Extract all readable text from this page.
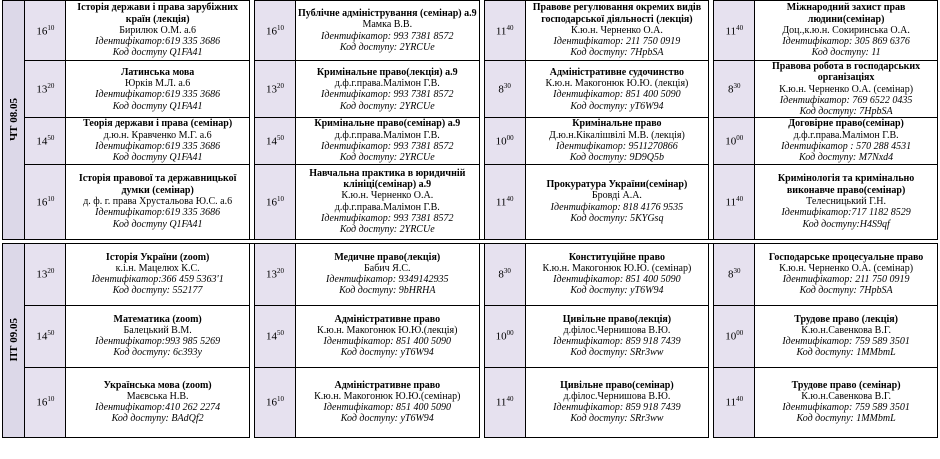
ЧТ 08.05	$16^{10}$	Історія держави і права зарубіжних країн (лекція)
Бирилюк О.М. а.6
Ідентифікатор:619 335 3686
Код доступу Q1FA41		$16^{10}$	Публічне адміністрування (семінар) а.9
Мамка В.В.
Ідентифікатор: 993 7381 8572
Код доступу: 2YRCUe		$11^{40}$	Правове регулювання окремих видів господарської діяльності (лекція)
К.ю.н. Черненко О.А.
Ідентифікатор: 211 750 0919
Код доступу: 7HpbSA		$11^{40}$	Міжнародний захист прав людини(семінар)
Доц.,к.ю.н. Сокиринська О.А.
Ідентифікатор: 305 869 6376
Код доступу: 11

	$13^{20}$	Латинська мова
Юрків М.Л. а.6
Ідентифікатор:619 335 3686
Код доступу Q1FA41		$13^{20}$	Кримінальне право(лекція) а.9
д.ф.г.права.Малімон Г.В.
Ідентифікатор: 993 7381 8572
Код доступу: 2YRCUe		$8^{30}$	Адміністративне судочинство
К.ю.н. Макогонюк Ю.Ю. (лекція)
Ідентифікатор: 851 400 5090
Код доступу: yT6W94		$8^{30}$	Правова робота в господарських організаціях
К.ю.н. Черненко О.А. (семінар)
Ідентифікатор: 769 6522 0435
Код доступу: 7HpbSA

	$14^{50}$	Теорія держави і права (семінар)
д.ю.н. Кравченко М.Г. а.6
Ідентифікатор:619 335 3686
Код доступу Q1FA41		$14^{50}$	Кримінальне право(семінар) а.9
д.ф.г.права.Малімон Г.В.
Ідентифікатор: 993 7381 8572
Код доступу: 2YRCUe		$10^{00}$	Кримінальне право
Д.ю.н.Кікалішвілі М.В. (лекція)
Ідентифікатор: 9511270866
Код доступу: 9D9Q5b		$10^{00}$	Договірне право(семінар)
д.ф.г.права.Малімон Г.В.
Ідентифікатор : 570 288 4531
Код доступу: M7Nxd4

	$16^{10}$	Історія правової та державницької думки (семінар)
д. ф. г. права Хрустальова Ю.С. а.6
Ідентифікатор:619 335 3686
Код доступу Q1FA41		$16^{10}$	Навчальна практика в юридичній клініці(семінар) а.9
К.ю.н. Черненко О.А. д.ф.г.права.Малімон Г.В.
Ідентифікатор: 993 7381 8572
Код доступу: 2YRCUe		$11^{40}$	Прокуратура України(семінар)
Бровді А.А.
Ідентифікатор: 818 4176 9535
Код доступу: 5KYGsq		$11^{40}$	Кримінологія та кримінально виконавче право(семінар)
Телесницький Г.Н.
Ідентифікатор:717 1182 8529
Код доступу:H4S9qf

ПТ 09.05	$13^{20}$	Історія України (zoom)
к.і.н. Мацелюх К.С.
Ідентифікатор:366 459 5363'1
Код доступу: 552177		$13^{20}$	Медичне право(лекція)
Бабич Я.С.
Ідентифікатор: 9349142935
Код доступу: 9bHRHA		$8^{30}$	Конституційне право
К.ю.н. Макогонюк Ю.Ю. (семінар)
Ідентифікатор: 851 400 5090
Код доступу: yT6W94		$8^{30}$	Господарське процесуальне право
К.ю.н. Черненко О.А. (семінар)
Ідентифікатор: 211 750 0919
Код доступу: 7HpbSA

	$14^{50}$	Математика (zoom)
Балецький В.М.
Ідентифікатор:993 985 5269
Код доступу: 6c393y		$14^{50}$	Адміністративне право
К.ю.н. Макогонюк Ю.Ю.(лекція)
Ідентифікатор: 851 400 5090
Код доступу: yT6W94		$10^{00}$	Цивільне право(лекція)
д.філос.Чернишова В.Ю.
Ідентифікатор: 859 918 7439
Код доступу: SRr3ww		$10^{00}$	Трудове право (лекція)
К.ю.н.Савенкова В.Г.
Ідентифікатор: 759 589 3501
Код доступу: 1MMbmL

	$16^{10}$	Українська мова (zoom)
Маєвська Н.В.
Ідентифікатор:410 262 2274
Код доступу: BAdQf2		$16^{10}$	Адміністративне право
К.ю.н. Макогонюк Ю.Ю.(семінар)
Ідентифікатор: 851 400 5090
Код доступу: yT6W94		$11^{40}$	Цивільне право(семінар)
д.філос.Чернишова В.Ю.
Ідентифікатор: 859 918 7439
Код доступу: SRr3ww		$11^{40}$	Трудове право (семінар)
К.ю.н.Савенкова В.Г.
Ідентифікатор: 759 589 3501
Код доступу: 1MMbmL
